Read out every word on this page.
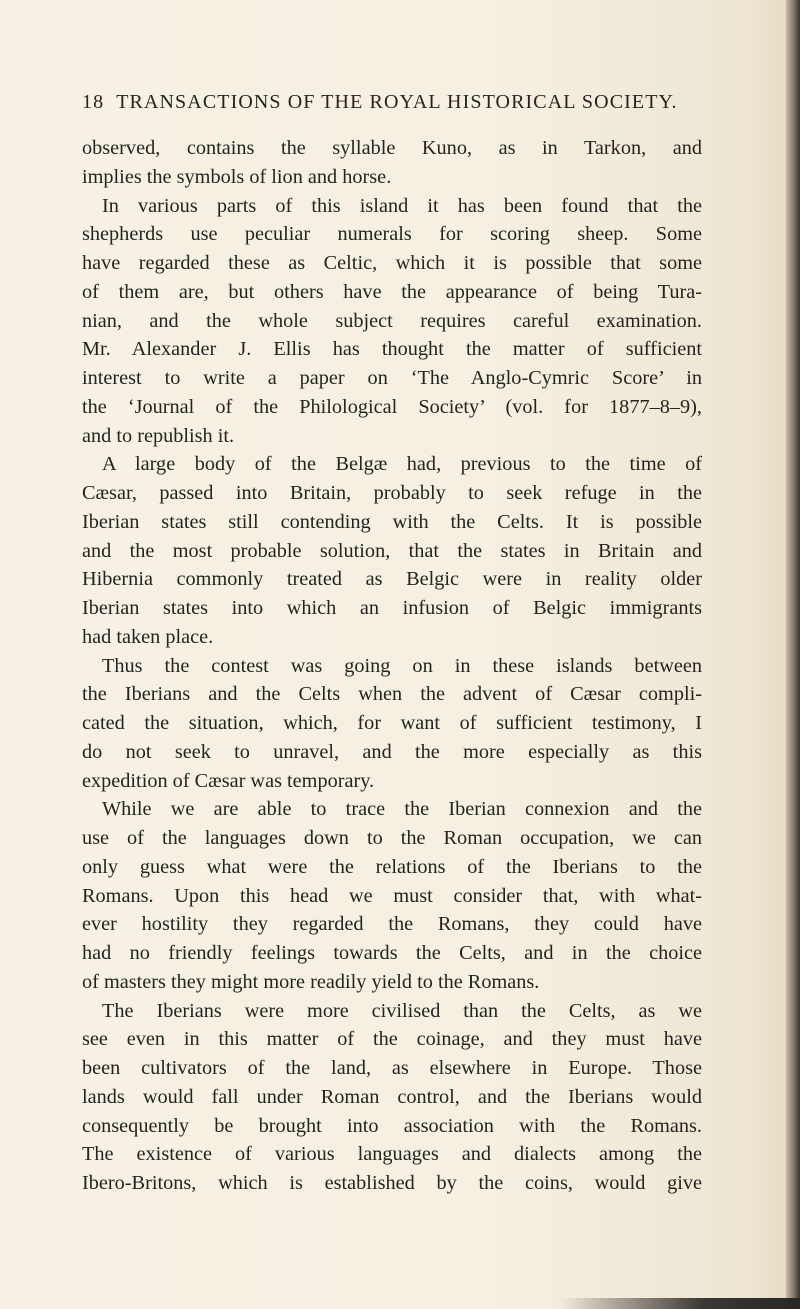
18 TRANSACTIONS OF THE ROYAL HISTORICAL SOCIETY.
observed, contains the syllable Kuno, as in Tarkon, and
implies the symbols of lion and horse.
In various parts of this island it has been found that the
shepherds use peculiar numerals for scoring sheep. Some
have regarded these as Celtic, which it is possible that some
of them are, but others have the appearance of being Tura-
nian, and the whole subject requires careful examination.
Mr. Alexander J. Ellis has thought the matter of sufficient
interest to write a paper on ‘The Anglo-Cymric Score’ in
the ‘Journal of the Philological Society’ (vol. for 1877–8–9),
and to republish it.
A large body of the Belgæ had, previous to the time of
Cæsar, passed into Britain, probably to seek refuge in the
Iberian states still contending with the Celts. It is possible
and the most probable solution, that the states in Britain and
Hibernia commonly treated as Belgic were in reality older
Iberian states into which an infusion of Belgic immigrants
had taken place.
Thus the contest was going on in these islands between
the Iberians and the Celts when the advent of Cæsar compli-
cated the situation, which, for want of sufficient testimony, I
do not seek to unravel, and the more especially as this
expedition of Cæsar was temporary.
While we are able to trace the Iberian connexion and the
use of the languages down to the Roman occupation, we can
only guess what were the relations of the Iberians to the
Romans. Upon this head we must consider that, with what-
ever hostility they regarded the Romans, they could have
had no friendly feelings towards the Celts, and in the choice
of masters they might more readily yield to the Romans.
The Iberians were more civilised than the Celts, as we
see even in this matter of the coinage, and they must have
been cultivators of the land, as elsewhere in Europe. Those
lands would fall under Roman control, and the Iberians would
consequently be brought into association with the Romans.
The existence of various languages and dialects among the
Ibero-Britons, which is established by the coins, would give
